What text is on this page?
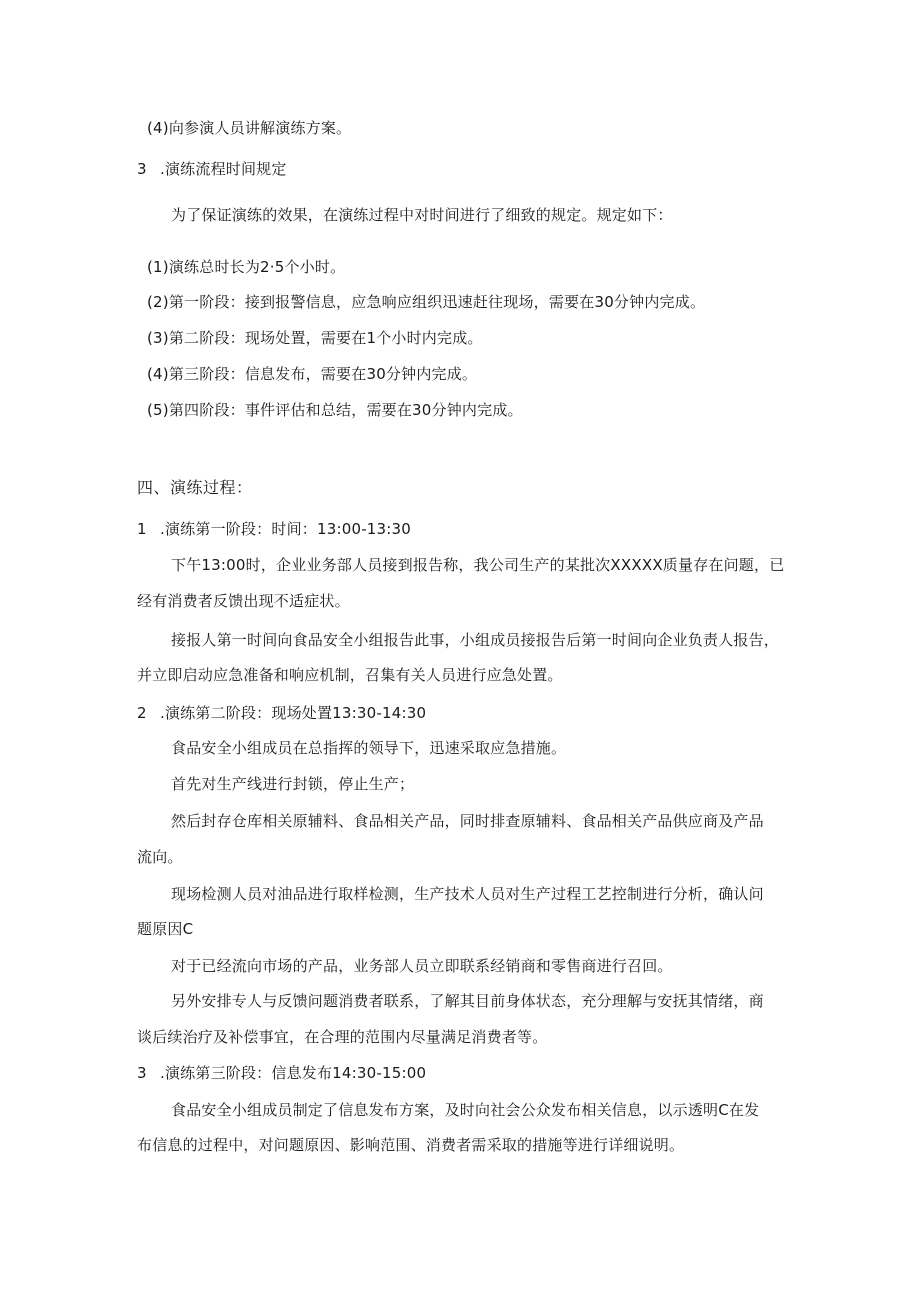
(4)向参演人员讲解演练方案。
3 .演练流程时间规定
为了保证演练的效果，在演练过程中对时间进行了细致的规定。规定如下：
(1)演练总时长为2·5个小时。
(2)第一阶段：接到报警信息，应急响应组织迅速赶往现场，需要在30分钟内完成。
(3)第二阶段：现场处置，需要在1个小时内完成。
(4)第三阶段：信息发布，需要在30分钟内完成。
(5)第四阶段：事件评估和总结，需要在30分钟内完成。
四、演练过程：
1 .演练第一阶段：时间：13:00-13:30
下午13:00时，企业业务部人员接到报告称，我公司生产的某批次XXXXX质量存在问题，已
经有消费者反馈出现不适症状。
接报人第一时间向食品安全小组报告此事，小组成员接报告后第一时间向企业负责人报告，
并立即启动应急准备和响应机制，召集有关人员进行应急处置。
2 .演练第二阶段：现场处置13:30-14:30
食品安全小组成员在总指挥的领导下，迅速采取应急措施。
首先对生产线进行封锁，停止生产；
然后封存仓库相关原辅料、食品相关产品，同时排查原辅料、食品相关产品供应商及产品
流向。
现场检测人员对油品进行取样检测，生产技术人员对生产过程工艺控制进行分析，确认问
题原因C
对于已经流向市场的产品，业务部人员立即联系经销商和零售商进行召回。
另外安排专人与反馈问题消费者联系，了解其目前身体状态，充分理解与安抚其情绪，商
谈后续治疗及补偿事宜，在合理的范围内尽量满足消费者等。
3 .演练第三阶段：信息发布14:30-15:00
食品安全小组成员制定了信息发布方案，及时向社会公众发布相关信息，以示透明C在发
布信息的过程中，对问题原因、影响范围、消费者需采取的措施等进行详细说明。
